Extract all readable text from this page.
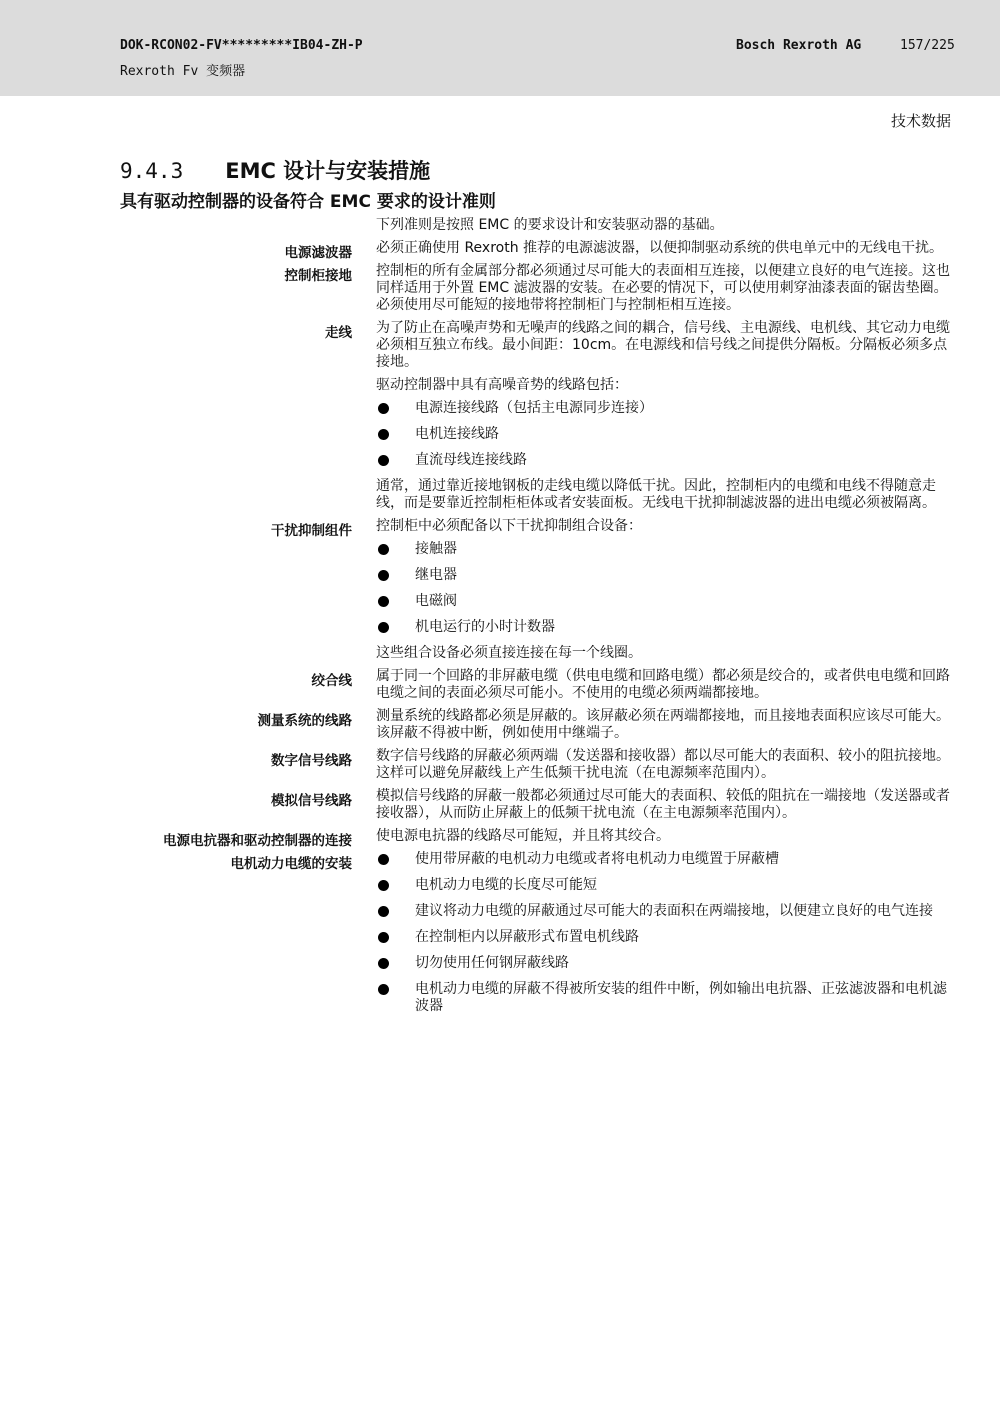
DOK-RCON02-FV*********IB04-ZH-P
Rexroth Fv 变频器
Bosch Rexroth AG	157/225
技术数据
9.4.3 EMC 设计与安装措施
具有驱动控制器的设备符合 EMC 要求的设计准则

下列准则是按照 EMC 的要求设计和安装驱动器的基础。

电源滤波器 必须正确使用 Rexroth 推荐的电源滤波器，以便抑制驱动系统的供电单元中的无线电干扰。

控制柜接地 控制柜的所有金属部分都必须通过尽可能大的表面相互连接，以便建立良好的电气连接。这也同样适用于外置 EMC 滤波器的安装。在必要的情况下，可以使用刺穿油漆表面的锯齿垫圈。必须使用尽可能短的接地带将控制柜门与控制柜相互连接。

走线 为了防止在高噪声势和无噪声的线路之间的耦合，信号线、主电源线、电机线、其它动力电缆必须相互独立布线。最小间距：10cm。在电源线和信号线之间提供分隔板。分隔板必须多点接地。

驱动控制器中具有高噪音势的线路包括：

电源连接线路（包括主电源同步连接）
电机连接线路
直流母线连接线路

通常，通过靠近接地钢板的走线电缆以降低干扰。因此，控制柜内的电缆和电线不得随意走线，而是要靠近控制柜柜体或者安装面板。无线电干扰抑制滤波器的进出电缆必须被隔离。

干扰抑制组件 控制柜中必须配备以下干扰抑制组合设备：

接触器
继电器
电磁阀
机电运行的小时计数器

这些组合设备必须直接连接在每一个线圈。

绞合线 属于同一个回路的非屏蔽电缆（供电电缆和回路电缆）都必须是绞合的，或者供电电缆和回路电缆之间的表面必须尽可能小。不使用的电缆必须两端都接地。

测量系统的线路 测量系统的线路都必须是屏蔽的。该屏蔽必须在两端都接地，而且接地表面积应该尽可能大。该屏蔽不得被中断，例如使用中继端子。

数字信号线路 数字信号线路的屏蔽必须两端（发送器和接收器）都以尽可能大的表面积、较小的阻抗接地。这样可以避免屏蔽线上产生低频干扰电流（在电源频率范围内）。

模拟信号线路 模拟信号线路的屏蔽一般都必须通过尽可能大的表面积、较低的阻抗在一端接地（发送器或者接收器），从而防止屏蔽上的低频干扰电流（在主电源频率范围内）。

电源电抗器和驱动控制器的连接 使电源电抗器的线路尽可能短，并且将其绞合。

电机动力电缆的安装	使用带屏蔽的电机动力电缆或者将电机动力电缆置于屏蔽槽
电机动力电缆的长度尽可能短
建议将动力电缆的屏蔽通过尽可能大的表面积在两端接地，以便建立良好的电气连接
在控制柜内以屏蔽形式布置电机线路
切勿使用任何钢屏蔽线路
电机动力电缆的屏蔽不得被所安装的组件中断，例如输出电抗器、正弦滤波器和电机滤波器
